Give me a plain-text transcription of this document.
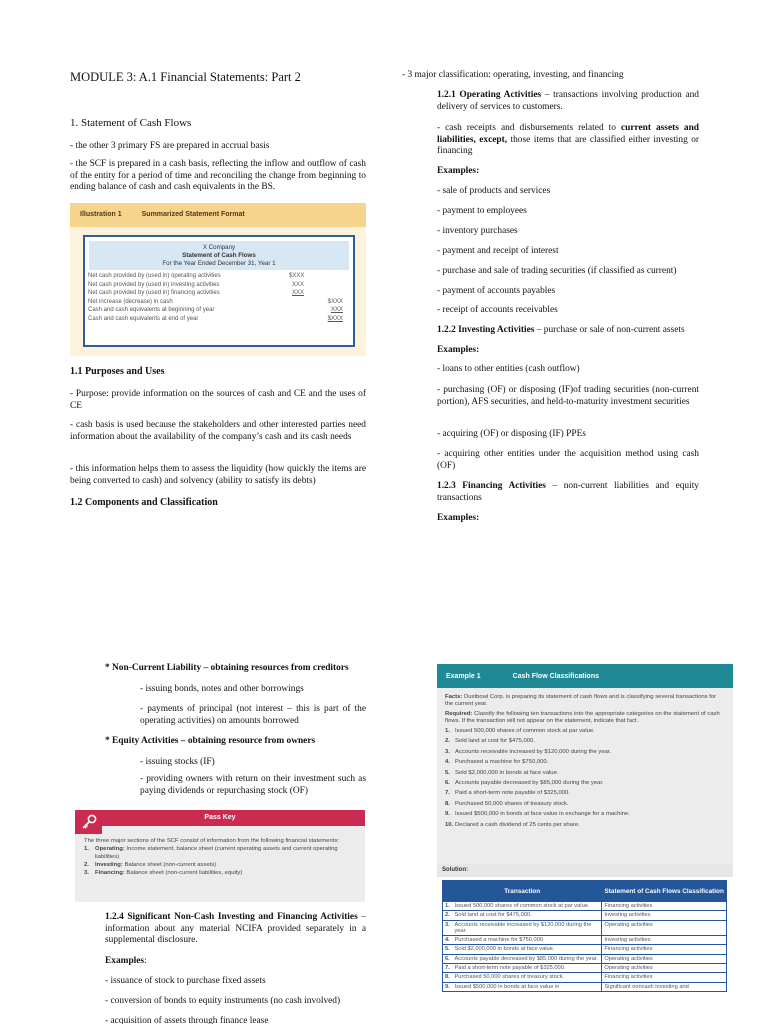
MODULE 3: A.1 Financial Statements: Part 2
1. Statement of Cash Flows
- the other 3 primary FS are prepared in accrual basis
- the SCF is prepared in a cash basis, reflecting the inflow and outflow of cash of the entity for a period of time and reconciling the change from beginning to ending balance of cash and cash equivalents in the BS.
Illustration 1	Summarized Statement Format
X Company
Statement of Cash Flows
For the Year Ended December 31, Year 1
Net cash provided by (used in) operating activities	$XXX
Net cash provided by (used in) investing activities	XXX
Net cash provided by (used in) financing activities	XXX
Net increase (decrease) in cash	$XXX
Cash and cash equivalents at beginning of year	XXX
Cash and cash equivalents at end of year	$XXX
1.1 Purposes and Uses
- Purpose: provide information on the sources of cash and CE and the uses of CE
- cash basis is used because the stakeholders and other interested parties need information about the availability of the company’s cash and its cash needs
- this information helps them to assess the liquidity (how quickly the items are being converted to cash) and solvency (ability to satisfy its debts)
1.2 Components and Classification
- 3 major classification: operating, investing, and financing
1.2.1 Operating Activities – transactions involving production and delivery of services to customers.
- cash receipts and disbursements related to current assets and liabilities, except, those items that are classified either investing or financing
Examples:
- sale of products and services
- payment to employees
- inventory purchases
- payment and receipt of interest
- purchase and sale of trading securities (if classified as current)
- payment of accounts payables
- receipt of accounts receivables
1.2.2 Investing Activities – purchase or sale of non-current assets
Examples:
- loans to other entities (cash outflow)
- purchasing (OF) or disposing (IF)of trading securities (non-current portion), AFS securities, and held-to-maturity investment securities
- acquiring (OF) or disposing (IF) PPEs
- acquiring other entities under the acquisition method using cash (OF)
1.2.3 Financing Activities – non-current liabilities and equity transactions
Examples:
* Non-Current Liability – obtaining resources from creditors
- issuing bonds, notes and other borrowings
- payments of principal (not interest – this is part of the operating activities) on amounts borrowed
* Equity Activities – obtaining resource from owners
- issuing stocks (IF)
- providing owners with return on their investment such as paying dividends or repurchasing stock (OF)
Pass Key
The three major sections of the SCF consist of information from the following financial statements:
1.	Operating: Income statement, balance sheet (current operating assets and current operating liabilities)
2.	Investing: Balance sheet (non-current assets)
3.	Financing: Balance sheet (non-current liabilities, equity)
1.2.4 Significant Non-Cash Investing and Financing Activities – information about any material NCIFA provided separately in a supplemental disclosure.
Examples:
- issuance of stock to purchase fixed assets
- conversion of bonds to equity instruments (no cash involved)
- acquisition of assets through finance lease
Example 1	Cash Flow Classifications
Facts: Dustbowl Corp. is preparing its statement of cash flows and is classifying several transactions for the current year.
Required: Classify the following ten transactions into the appropriate categories on the statement of cash flows. If the transaction will not appear on the statement, indicate that fact.
1. Issued 500,000 shares of common stock at par value.
2. Sold land at cost for $475,000.
3. Accounts receivable increased by $120,000 during the year.
4. Purchased a machine for $750,000.
5. Sold $2,000,000 in bonds at face value.
6. Accounts payable decreased by $85,000 during the year.
7. Paid a short-term note payable of $325,000.
8. Purchased 50,000 shares of treasury stock.
9. Issued $500,000 in bonds at face value in exchange for a machine.
10. Declared a cash dividend of 25 cents per share.
Solution:
Transaction		Statement of Cash Flows Classification
1.	Issued 500,000 shares of common stock at par value.	Financing activities
2.	Sold land at cost for $475,000.	Investing activities
3.	Accounts receivable increased by $120,000 during the year.	Operating activities
4.	Purchased a machine for $750,000.	Investing activities
5.	Sold $2,000,000 in bonds at face value.	Financing activities
6.	Accounts payable decreased by $85,000 during the year.	Operating activities
7.	Paid a short-term note payable of $325,000.	Operating activities
8.	Purchased 50,000 shares of treasury stock.	Financing activities
9.	Issued $500,000 in bonds at face value in	Significant noncash investing and
